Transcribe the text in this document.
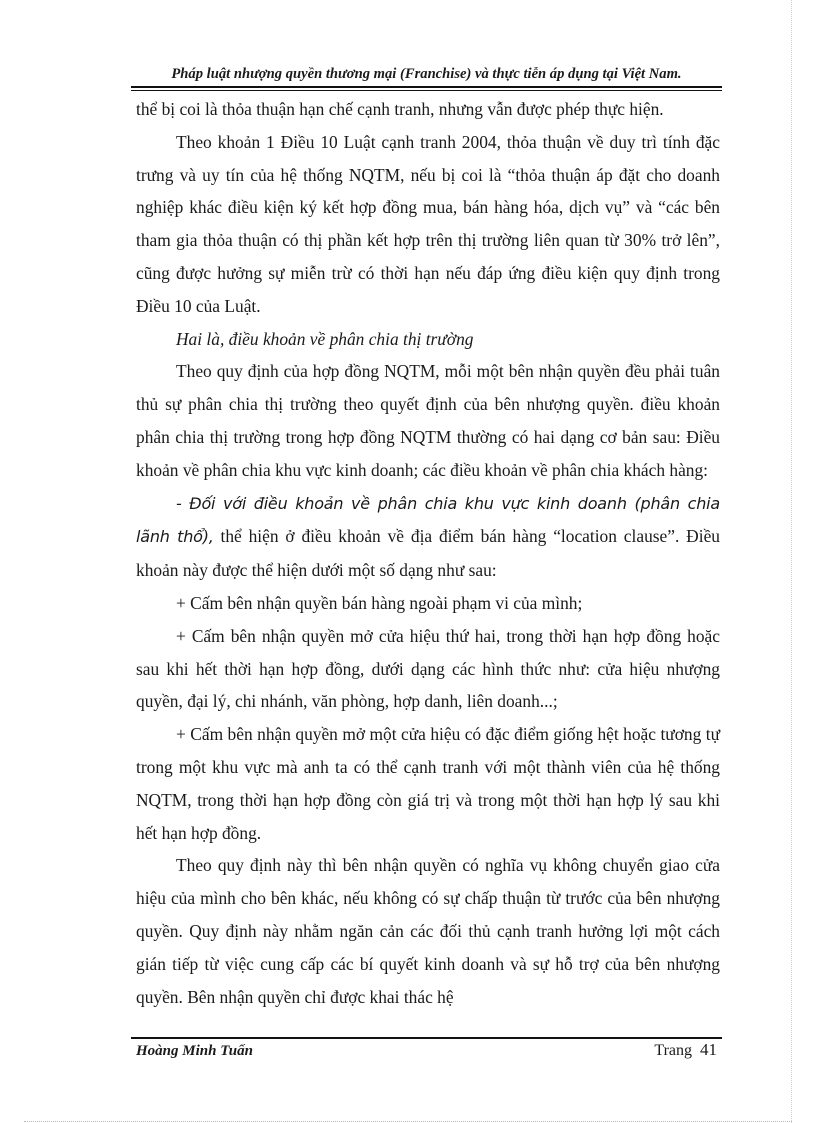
Pháp luật nhượng quyền thương mại (Franchise) và thực tiễn áp dụng tại Việt Nam.

thể bị coi là thỏa thuận hạn chế cạnh tranh, nhưng vẫn được phép thực hiện.

Theo khoản 1 Điều 10 Luật cạnh tranh 2004, thỏa thuận về duy trì tính đặc trưng và uy tín của hệ thống NQTM, nếu bị coi là “thỏa thuận áp đặt cho doanh nghiệp khác điều kiện ký kết hợp đồng mua, bán hàng hóa, dịch vụ” và “các bên tham gia thỏa thuận có thị phần kết hợp trên thị trường liên quan từ 30% trở lên”, cũng được hưởng sự miễn trừ có thời hạn nếu đáp ứng điều kiện quy định trong Điều 10 của Luật.

Hai là, điều khoản về phân chia thị trường

Theo quy định của hợp đồng NQTM, mỗi một bên nhận quyền đều phải tuân thủ sự phân chia thị trường theo quyết định của bên nhượng quyền. điều khoản phân chia thị trường trong hợp đồng NQTM thường có hai dạng cơ bản sau: Điều khoản về phân chia khu vực kinh doanh; các điều khoản về phân chia khách hàng:

- Đối với điều khoản về phân chia khu vực kinh doanh (phân chia lãnh thổ), thể hiện ở điều khoản về địa điểm bán hàng “location clause”. Điều khoản này được thể hiện dưới một số dạng như sau:

+ Cấm bên nhận quyền bán hàng ngoài phạm vi của mình;

+ Cấm bên nhận quyền mở cửa hiệu thứ hai, trong thời hạn hợp đồng hoặc sau khi hết thời hạn hợp đồng, dưới dạng các hình thức như: cửa hiệu nhượng quyền, đại lý, chi nhánh, văn phòng, hợp danh, liên doanh...;

+ Cấm bên nhận quyền mở một cửa hiệu có đặc điểm giống hệt hoặc tương tự trong một khu vực mà anh ta có thể cạnh tranh với một thành viên của hệ thống NQTM, trong thời hạn hợp đồng còn giá trị và trong một thời hạn hợp lý sau khi hết hạn hợp đồng.

Theo quy định này thì bên nhận quyền có nghĩa vụ không chuyển giao cửa hiệu của mình cho bên khác, nếu không có sự chấp thuận từ trước của bên nhượng quyền. Quy định này nhằm ngăn cản các đối thủ cạnh tranh hưởng lợi một cách gián tiếp từ việc cung cấp các bí quyết kinh doanh và sự hỗ trợ của bên nhượng quyền. Bên nhận quyền chỉ được khai thác hệ

Hoàng Minh Tuấn	Trang 41
